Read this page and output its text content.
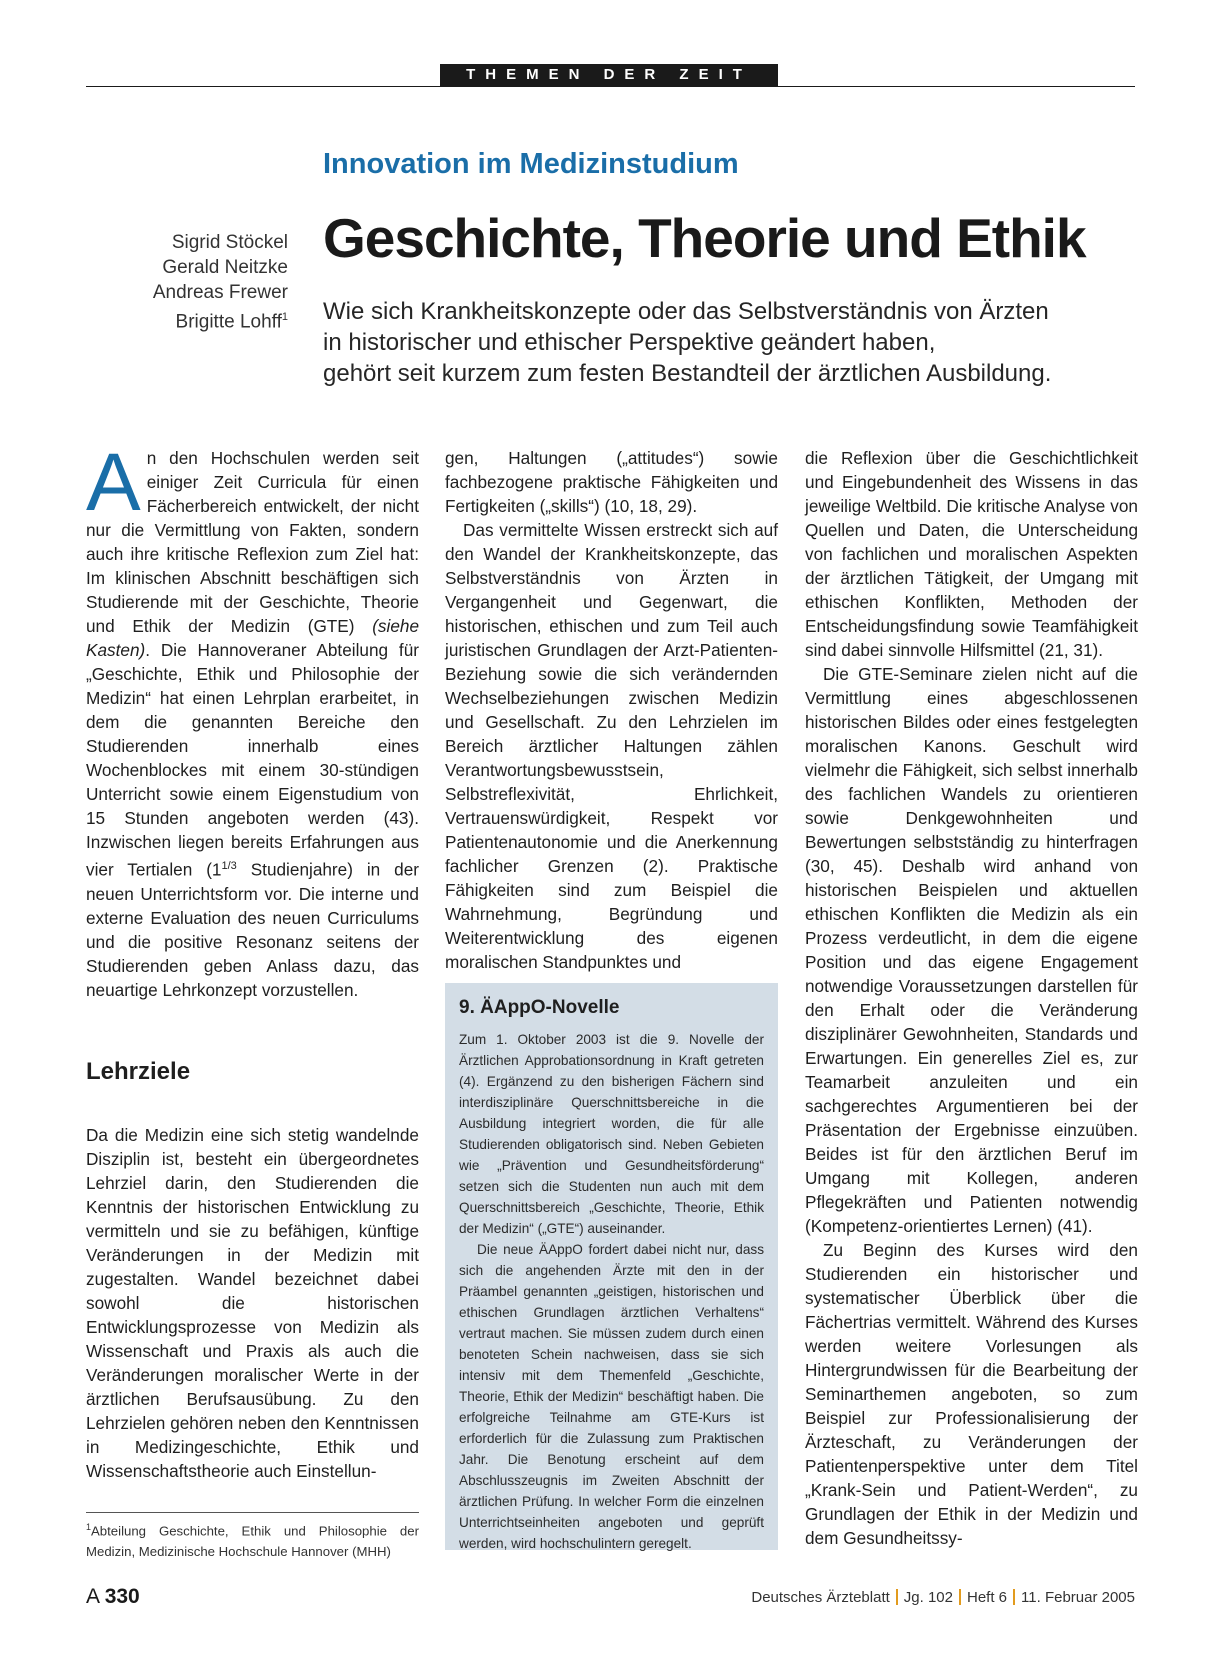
THEMEN DER ZEIT
Innovation im Medizinstudium
Sigrid Stöckel
Gerald Neitzke
Andreas Frewer
Brigitte Lohff$^1$
Geschichte, Theorie und Ethik
Wie sich Krankheitskonzepte oder das Selbstverständnis von Ärzten
in historischer und ethischer Perspektive geändert haben,
gehört seit kurzem zum festen Bestandteil der ärztlichen Ausbildung.

An den Hochschulen werden seit einiger Zeit Curricula für einen Fächerbereich entwickelt, der nicht nur die Vermittlung von Fakten, sondern auch ihre kritische Reflexion zum Ziel hat: Im klinischen Abschnitt beschäftigen sich Studierende mit der Geschichte, Theorie und Ethik der Medizin (GTE) (siehe Kasten). Die Hannoveraner Abteilung für „Geschichte, Ethik und Philosophie der Medizin“ hat einen Lehrplan erarbeitet, in dem die genannten Bereiche den Studierenden innerhalb eines Wochenblockes mit einem 30-stündigen Unterricht sowie einem Eigenstudium von 15 Stunden angeboten werden (43). Inzwischen liegen bereits Erfahrungen aus vier Tertialen ($1^{1/3}$ Studienjahre) in der neuen Unterrichtsform vor. Die interne und externe Evaluation des neuen Curriculums und die positive Resonanz seitens der Studierenden geben Anlass dazu, das neuartige Lehrkonzept vorzustellen.

Lehrziele

Da die Medizin eine sich stetig wandelnde Disziplin ist, besteht ein übergeordnetes Lehrziel darin, den Studierenden die Kenntnis der historischen Entwicklung zu vermitteln und sie zu befähigen, künftige Veränderungen in der Medizin mit zugestalten. Wandel bezeichnet dabei sowohl die historischen Entwicklungsprozesse von Medizin als Wissenschaft und Praxis als auch die Veränderungen moralischer Werte in der ärztlichen Berufsausübung. Zu den Lehrzielen gehören neben den Kenntnissen in Medizingeschichte, Ethik und Wissenschaftstheorie auch Einstellun-

$^1$Abteilung Geschichte, Ethik und Philosophie der Medizin, Medizinische Hochschule Hannover (MHH)

gen, Haltungen („attitudes“) sowie fachbezogene praktische Fähigkeiten und Fertigkeiten („skills“) (10, 18, 29).

Das vermittelte Wissen erstreckt sich auf den Wandel der Krankheitskonzepte, das Selbstverständnis von Ärzten in Vergangenheit und Gegenwart, die historischen, ethischen und zum Teil auch juristischen Grundlagen der Arzt-Patienten-Beziehung sowie die sich verändernden Wechselbeziehungen zwischen Medizin und Gesellschaft. Zu den Lehrzielen im Bereich ärztlicher Haltungen zählen Verantwortungsbewusstsein, Selbstreflexivität, Ehrlichkeit, Vertrauenswürdigkeit, Respekt vor Patientenautonomie und die Anerkennung fachlicher Grenzen (2). Praktische Fähigkeiten sind zum Beispiel die Wahrnehmung, Begründung und Weiterentwicklung des eigenen moralischen Standpunktes und

9. ÄAppO-Novelle

Zum 1. Oktober 2003 ist die 9. Novelle der Ärztlichen Approbationsordnung in Kraft getreten (4). Ergänzend zu den bisherigen Fächern sind interdisziplinäre Querschnittsbereiche in die Ausbildung integriert worden, die für alle Studierenden obligatorisch sind. Neben Gebieten wie „Prävention und Gesundheitsförderung“ setzen sich die Studenten nun auch mit dem Querschnittsbereich „Geschichte, Theorie, Ethik der Medizin“ („GTE“) auseinander.

Die neue ÄAppO fordert dabei nicht nur, dass sich die angehenden Ärzte mit den in der Präambel genannten „geistigen, historischen und ethischen Grundlagen ärztlichen Verhaltens“ vertraut machen. Sie müssen zudem durch einen benoteten Schein nachweisen, dass sie sich intensiv mit dem Themenfeld „Geschichte, Theorie, Ethik der Medizin“ beschäftigt haben. Die erfolgreiche Teilnahme am GTE-Kurs ist erforderlich für die Zulassung zum Praktischen Jahr. Die Benotung erscheint auf dem Abschlusszeugnis im Zweiten Abschnitt der ärztlichen Prüfung. In welcher Form die einzelnen Unterrichtseinheiten angeboten und geprüft werden, wird hochschulintern geregelt.

die Reflexion über die Geschichtlichkeit und Eingebundenheit des Wissens in das jeweilige Weltbild. Die kritische Analyse von Quellen und Daten, die Unterscheidung von fachlichen und moralischen Aspekten der ärztlichen Tätigkeit, der Umgang mit ethischen Konflikten, Methoden der Entscheidungsfindung sowie Teamfähigkeit sind dabei sinnvolle Hilfsmittel (21, 31).

Die GTE-Seminare zielen nicht auf die Vermittlung eines abgeschlossenen historischen Bildes oder eines festgelegten moralischen Kanons. Geschult wird vielmehr die Fähigkeit, sich selbst innerhalb des fachlichen Wandels zu orientieren sowie Denkgewohnheiten und Bewertungen selbstständig zu hinterfragen (30, 45). Deshalb wird anhand von historischen Beispielen und aktuellen ethischen Konflikten die Medizin als ein Prozess verdeutlicht, in dem die eigene Position und das eigene Engagement notwendige Voraussetzungen darstellen für den Erhalt oder die Veränderung disziplinärer Gewohnheiten, Standards und Erwartungen. Ein generelles Ziel es, zur Teamarbeit anzuleiten und ein sachgerechtes Argumentieren bei der Präsentation der Ergebnisse einzuüben. Beides ist für den ärztlichen Beruf im Umgang mit Kollegen, anderen Pflegekräften und Patienten notwendig (Kompetenz-orientiertes Lernen) (41).

Zu Beginn des Kurses wird den Studierenden ein historischer und systematischer Überblick über die Fächertrias vermittelt. Während des Kurses werden weitere Vorlesungen als Hintergrundwissen für die Bearbeitung der Seminarthemen angeboten, so zum Beispiel zur Professionalisierung der Ärzteschaft, zu Veränderungen der Patientenperspektive unter dem Titel „Krank-Sein und Patient-Werden“, zu Grundlagen der Ethik in der Medizin und dem Gesundheitssy-

A 330	Deutsches Ärzteblatt Jg. 102 Heft 6 11. Februar 2005
